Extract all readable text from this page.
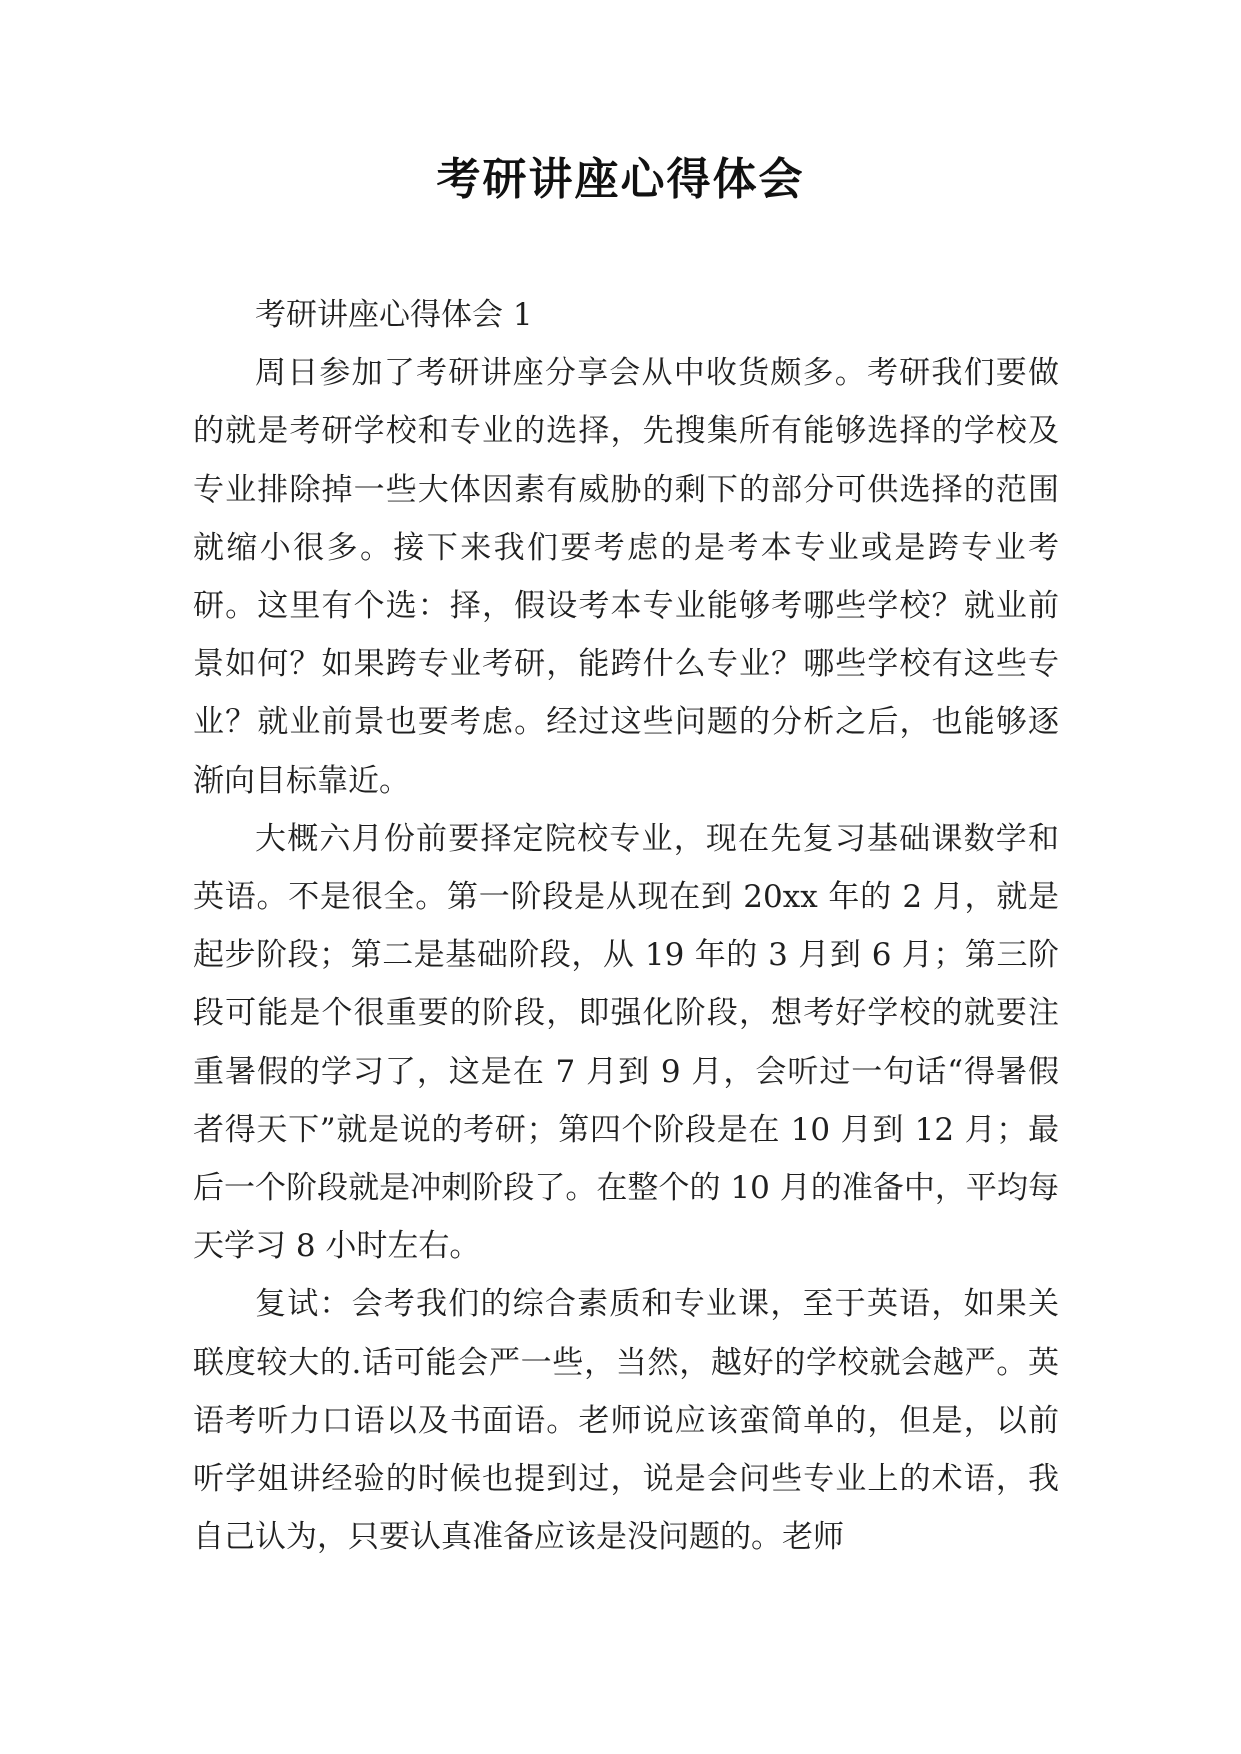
考研讲座心得体会

考研讲座心得体会 1

周日参加了考研讲座分享会从中收货颇多。考研我们要做的就是考研学校和专业的选择，先搜集所有能够选择的学校及专业排除掉一些大体因素有威胁的剩下的部分可供选择的范围就缩小很多。接下来我们要考虑的是考本专业或是跨专业考研。这里有个选：择，假设考本专业能够考哪些学校？就业前景如何？如果跨专业考研，能跨什么专业？哪些学校有这些专业？就业前景也要考虑。经过这些问题的分析之后，也能够逐渐向目标靠近。

大概六月份前要择定院校专业，现在先复习基础课数学和英语。不是很全。第一阶段是从现在到 20xx 年的 2 月，就是起步阶段；第二是基础阶段，从 19 年的 3 月到 6 月；第三阶段可能是个很重要的阶段，即强化阶段，想考好学校的就要注重暑假的学习了，这是在 7 月到 9 月，会听过一句话“得暑假者得天下”就是说的考研；第四个阶段是在 10 月到 12 月；最后一个阶段就是冲刺阶段了。在整个的 10 月的准备中，平均每天学习 8 小时左右。

复试：会考我们的综合素质和专业课，至于英语，如果关联度较大的.话可能会严一些，当然，越好的学校就会越严。英语考听力口语以及书面语。老师说应该蛮简单的，但是，以前听学姐讲经验的时候也提到过，说是会问些专业上的术语，我自己认为，只要认真准备应该是没问题的。老师
